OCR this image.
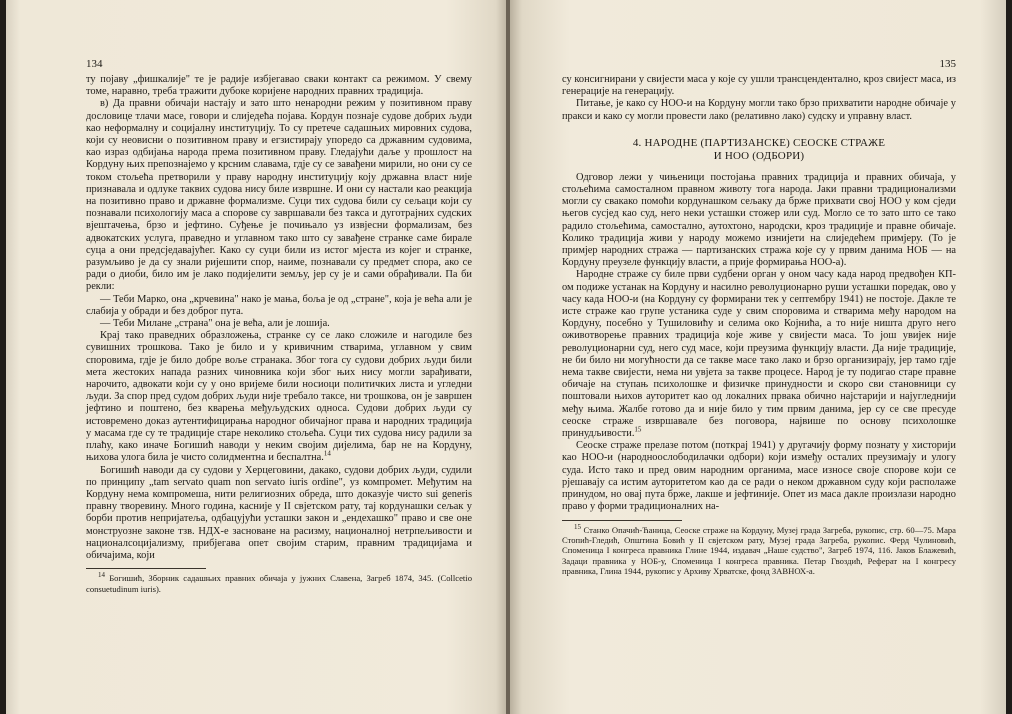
134

ту појаву „фишкалије" те је радије избјегавао сваки контакт са режимом. У свему томе, наравно, треба тражити дубоке коријене народних правних традиција.

в) Да правни обичаји настају и зато што ненародни режим у позитивном праву дословице тлачи масе, говори и слиједећа појава. Кордун познаје судове добрих људи као неформалну и социјалну институцију. То су претече садашњих мировних судова, који су неовисни о позитивном праву и егзистирају упоредо са државним судовима, као израз одбијања народа према позитивном праву. Гледајући даље у прошлост на Кордуну њих препознајемо у крсним славама, гдје су се завађени мирили, но они су се током стољећа претворили у праву народну институцију коју државна власт није признавала и одлуке таквих судова нису биле извршне. И они су настали као реакција на позитивно право и државне формализме. Суци тих судова били су сељаци који су познавали психологију маса а спорове су завршавали без такса и дуготрајних судских вјештачења, брзо и јефтино. Суђење је почињало уз извјесни формализам, без адвокатских услуга, праведно и углавном тако што су завађене странке саме бирале суца а они предсједавајућег. Како су суци били из истог мјеста из којег и странке, разумљиво је да су знали ријешити спор, наиме, познавали су предмет спора, ако се ради о диоби, било им је лако подијелити земљу, јер су је и сами обрађивали. Па би рекли:

— Теби Марко, она „крчевина" нако је мања, боља је од „стране", која је већа али је слабија у обради и без доброг пута.

— Теби Милане „страна" она је већа, али је лошија.

Крај тако праведних образложења, странке су се лако сложиле и нагодиле без сувишних трошкова. Тако је било и у кривичним стварима, углавном у свим споровима, гдје је било добре воље странака. Због тога су судови добрих људи били мета жестоких напада разних чиновника који због њих нису могли зарађивати, нарочито, адвокати који су у оно вријеме били носиоци политичких листа и угледни људи. За спор пред судом добрих људи није требало таксе, ни трошкова, он је завршен јефтино и поштено, без кварења међуљудских односа. Судови добрих људи су истовремено доказ аутентифицирања народног обичајног права и народних традиција у масама где су те традиције старе неколико стољећа. Суци тих судова нису радили за плаћу, како иначе Богишић наводи у неким својим дијелима, бар не на Кордуну, њихова улога била је чисто солидментна и беспалтна.$^{14}$

Богишић наводи да су судови у Херцеговини, дакако, судови добрих људи, судили по принципу „tam servato quam non servato iuris ordine", уз компромет. Међутим на Кордуну нема компромеша, нити религиозних обреда, што доказује чисто sui generis правну творевину. Много година, касније у II свјетском рату, тај кордунашки сељак у борби против непријатеља, одбацујући усташки закон и „ендехашко" право и све оне монструозне законе тзв. НДХ-е засноване на расизму, националној нетрпељивости и националсоцијализму, прибјегава опет својим старим, правним традицијама и обичајима, који

$^{14}$ Богишић, Зборник садашњих правних обичаја у јужних Славена, Загреб 1874, 345. (Collcetio consuetudinum iuris).

135

су консигнирани у свијести маса у које су ушли трансцендентално, кроз свијест маса, из генерације на генерацију.

Питање, је како су НОО-и на Кордуну могли тако брзо прихватити народне обичаје у пракси и како су могли провести лако (релативно лако) судску и управну власт.

4. НАРОДНЕ (ПАРТИЗАНСКЕ) СЕОСКЕ СТРАЖЕ
И НОО (ОДБОРИ)

Одговор лежи у чињеници постојања правних традиција и правних обичаја, у стољећима самосталном правном животу тога народа. Јаки правни традиционализми могли су свакако помоћи кордунашком сељаку да брже прихвати свој НОО у ком сједи његов сусјед као суд, него неки усташки стожер или суд. Могло се то зато што се тако радило стољећима, самостално, аутохтоно, народски, кроз традиције и правне обичаје. Колико традиција живи у народу можемо изнијети на слиједећем примјеру. (То је примјер народних стража — партизанских стража које су у првим данима НОБ — на Кордуну преузеле функцију власти, а прије формирања НОО-а).

Народне страже су биле први судбени орган у оном часу када народ предвођен КП-ом подиже устанак на Кордуну и насилно револуционарно руши усташки поредак, ово у часу када НОО-и (на Кордуну су формирани тек у септембру 1941) не постоје. Дакле те исте страже као групе устаника суде у свим споровима и стварима међу народом на Кордуну, посебно у Тушиловићу и селима око Којнића, а то није ништа друго него оживотворење правних традиција које живе у свијести маса. То још увијек није револуционарни суд, него суд масе, који преузима функцију власти. Да није традиције, не би било ни могућности да се такве масе тако лако и брзо организирају, јер тамо гдје нема такве свијести, нема ни увјета за такве процесе. Народ је ту подигао старе правне обичаје на ступањ психолошке и физичке принудности и скоро сви становници су поштовали њихов ауторитет као од локалних првака обично најстарији и најугледнији међу њима. Жалбе готово да и није било у тим првим данима, јер су се све пресуде сеоске страже извршавале без поговора, највише по основу психолошке принудљивости.$^{15}$

Сеоске страже прелазе потом (поткрај 1941) у другачију форму познату у хисторији као НОО-и (народноослободилачки одбори) који између осталих преузимају и улогу суда. Исто тако и пред овим народним органима, масе износе своје спорове који се рјешавају са истим ауторитетом као да се ради о неком државном суду који располаже принудом, но овај пута брже, лакше и јефтиније. Опет из маса дакле произлази народно право у форми традиционалних на-

$^{15}$ Станко Опачић-Ћаница, Сеоске страже на Кордуну, Музеј града Загреба, рукопис, стр. 60—75. Мара Стопић-Гледић, Општина Бовић у II свјетском рату, Музеј града Загреба, рукопис. Ферд Чулиновић, Споменица I конгреса правника Глине 1944, издавач „Наше судство", Загреб 1974, 116. Јаков Блажевић, Задаци правника у НОБ-у, Споменица I конгреса правника. Петар Гвоздић, Реферат на I конгресу правника, Глина 1944, рукопис у Архиву Хрватске, фонд ЗАВНОХ-а.
